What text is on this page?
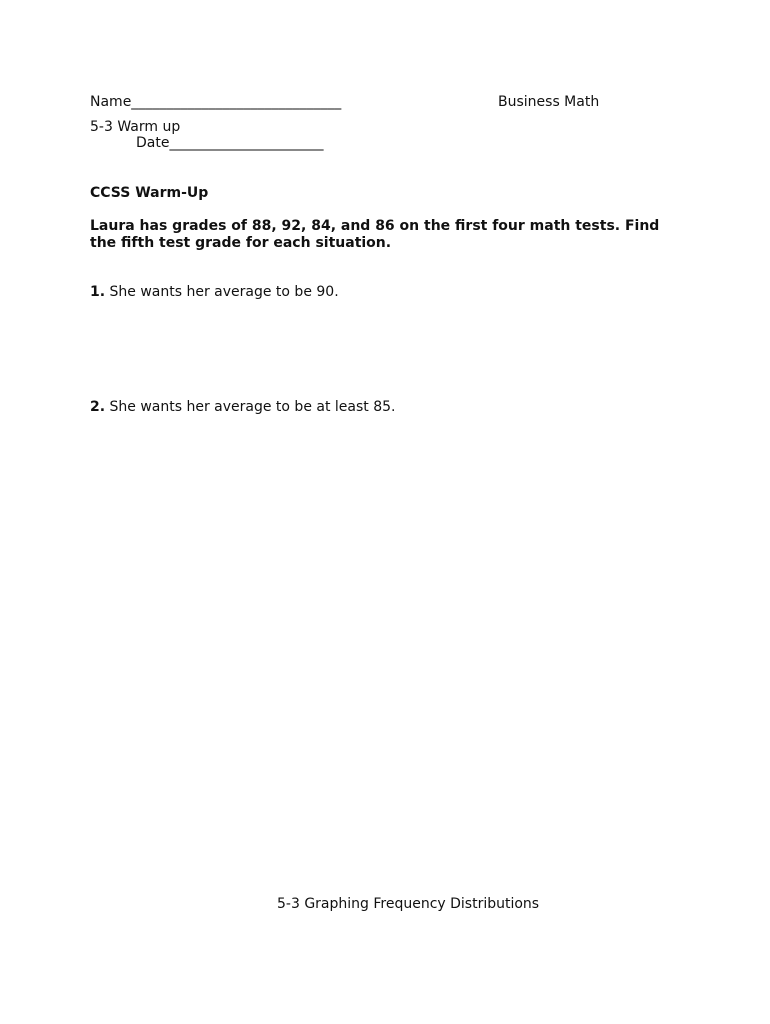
Name______________________________	Business Math
5-3 Warm up
Date______________________
CCSS Warm-Up
Laura has grades of 88, 92, 84, and 86 on the first four math tests. Find the fifth test grade for each situation.
1. She wants her average to be 90.
2. She wants her average to be at least 85.
5-3 Graphing Frequency Distributions
